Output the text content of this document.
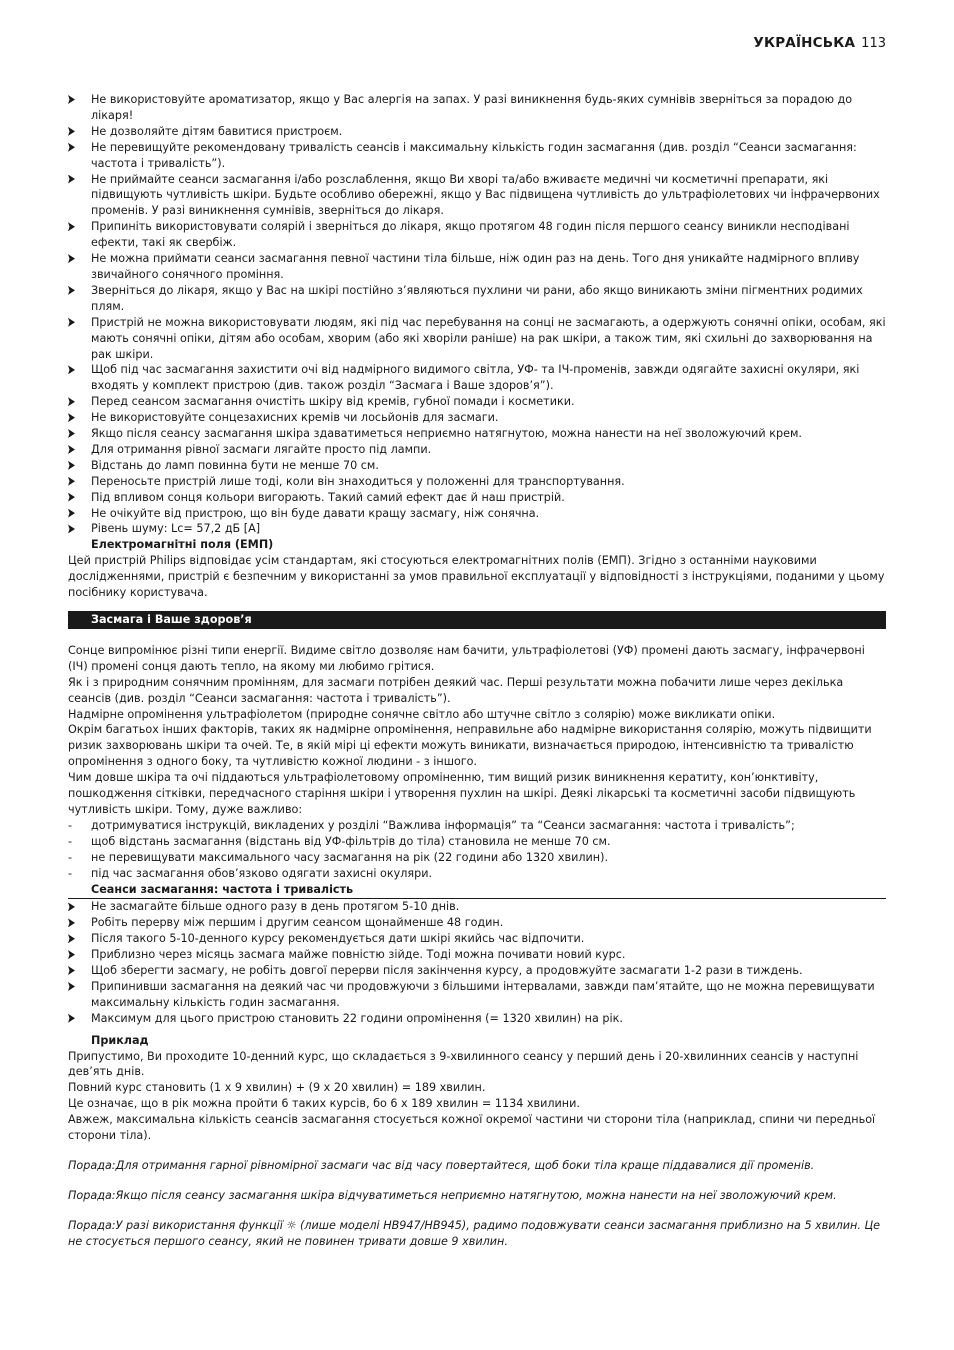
УКРАЇНСЬКА 113
Не використовуйте ароматизатор, якщо у Вас алергія на запах. У разі виникнення будь-яких сумнівів зверніться за порадою до лікаря!
Не дозволяйте дітям бавитися пристроєм.
Не перевищуйте рекомендовану тривалість сеансів і максимальну кількість годин засмагання (див. розділ “Сеанси засмагання: частота і тривалість”).
Не приймайте сеанси засмагання і/або розслаблення, якщо Ви хворі та/або вживаєте медичні чи косметичні препарати, які підвищують чутливість шкіри. Будьте особливо обережні, якщо у Вас підвищена чутливість до ультрафіолетових чи інфрачервоних променів. У разі виникнення сумнівів, зверніться до лікаря.
Припиніть використовувати солярій і зверніться до лікаря, якщо протягом 48 годин після першого сеансу виникли несподівані ефекти, такі як свербіж.
Не можна приймати сеанси засмагання певної частини тіла більше, ніж один раз на день. Того дня уникайте надмірного впливу звичайного сонячного проміння.
Зверніться до лікаря, якщо у Вас на шкірі постійно з’являються пухлини чи рани, або якщо виникають зміни пігментних родимих плям.
Пристрій не можна використовувати людям, які під час перебування на сонці не засмагають, а одержують сонячні опіки, особам, які мають сонячні опіки, дітям або особам, хворим (або які хворіли раніше) на рак шкіри, а також тим, які схильні до захворювання на рак шкіри.
Щоб під час засмагання захистити очі від надмірного видимого світла, УФ- та ІЧ-променів, завжди одягайте захисні окуляри, які входять у комплект пристрою (див. також розділ “Засмага і Ваше здоров’я”).
Перед сеансом засмагання очистіть шкіру від кремів, губної помади і косметики.
Не використовуйте сонцезахисних кремів чи лосьйонів для засмаги.
Якщо після сеансу засмагання шкіра здаватиметься неприємно натягнутою, можна нанести на неї зволожуючий крем.
Для отримання рівної засмаги лягайте просто під лампи.
Відстань до ламп повинна бути не менше 70 см.
Переносьте пристрій лише тоді, коли він знаходиться у положенні для транспортування.
Під впливом сонця кольори вигорають. Такий самий ефект дає й наш пристрій.
Не очікуйте від пристрою, що він буде давати кращу засмагу, ніж сонячна.
Рівень шуму: Lc= 57,2 дБ [A]
Електромагнітні поля (ЕМП)

Цей пристрій Philips відповідає усім стандартам, які стосуються електромагнітних полів (ЕМП). Згідно з останніми науковими дослідженнями, пристрій є безпечним у використанні за умов правильної експлуатації у відповідності з інструкціями, поданими у цьому посібнику користувача.

Засмага і Ваше здоров’я

Сонце випромінює різні типи енергії. Видиме світло дозволяє нам бачити, ультрафіолетові (УФ) промені дають засмагу, інфрачервоні (ІЧ) промені сонця дають тепло, на якому ми любимо грітися.

Як і з природним сонячним промінням, для засмаги потрібен деякий час. Перші результати можна побачити лише через декілька сеансів (див. розділ “Сеанси засмагання: частота і тривалість”).

Надмірне опромінення ультрафіолетом (природне сонячне світло або штучне світло з солярію) може викликати опіки.

Окрім багатьох інших факторів, таких як надмірне опромінення, неправильне або надмірне використання солярію, можуть підвищити ризик захворювань шкіри та очей. Те, в якій мірі ці ефекти можуть виникати, визначається природою, інтенсивністю та тривалістю опромінення з одного боку, та чутливістю кожної людини - з іншого.

Чим довше шкіра та очі піддаються ультрафіолетовому опроміненню, тим вищий ризик виникнення кератиту, кон’юнктивіту, пошкодження сітківки, передчасного старіння шкіри і утворення пухлин на шкірі. Деякі лікарські та косметичні засоби підвищують чутливість шкіри. Тому, дуже важливо:

- дотримуватися інструкцій, викладених у розділі “Важлива інформація” та “Сеанси засмагання: частота і тривалість”;
- щоб відстань засмагання (відстань від УФ-фільтрів до тіла) становила не менше 70 см.
- не перевищувати максимального часу засмагання на рік (22 години або 1320 хвилин).
- під час засмагання обов’язково одягати захисні окуляри.
Сеанси засмагання: частота і тривалість
Не засмагайте більше одного разу в день протягом 5-10 днів.
Робіть перерву між першим і другим сеансом щонайменше 48 годин.
Після такого 5-10-денного курсу рекомендується дати шкірі якийсь час відпочити.
Приблизно через місяць засмага майже повністю зійде. Тоді можна почивати новий курс.
Щоб зберегти засмагу, не робіть довгої перерви після закінчення курсу, а продовжуйте засмагати 1-2 рази в тиждень.
Припинивши засмагання на деякий час чи продовжуючи з більшими інтервалами, завжди пам’ятайте, що не можна перевищувати максимальну кількість годин засмагання.
Максимум для цього пристрою становить 22 години опромінення (= 1320 хвилин) на рік.
Приклад

Припустимо, Ви проходите 10-денний курс, що складається з 9-хвилинного сеансу у перший день і 20-хвилинних сеансів у наступні дев’ять днів.

Повний курс становить (1 x 9 хвилин) + (9 x 20 хвилин) = 189 хвилин.

Це означає, що в рік можна пройти 6 таких курсів, бо 6 x 189 хвилин = 1134 хвилини.

Авжеж, максимальна кількість сеансів засмагання стосується кожної окремої частини чи сторони тіла (наприклад, спини чи передньої сторони тіла).

Порада:Для отримання гарної рівномірної засмаги час від часу повертайтеся, щоб боки тіла краще піддавалися дії променів.

Порада:Якщо після сеансу засмагання шкіра відчуватиметься неприємно натягнутою, можна нанести на неї зволожуючий крем.

Порада:У разі використання функції ☼ (лише моделі HB947/HB945), радимо подовжувати сеанси засмагання приблизно на 5 хвилин. Це не стосується першого сеансу, який не повинен тривати довше 9 хвилин.
